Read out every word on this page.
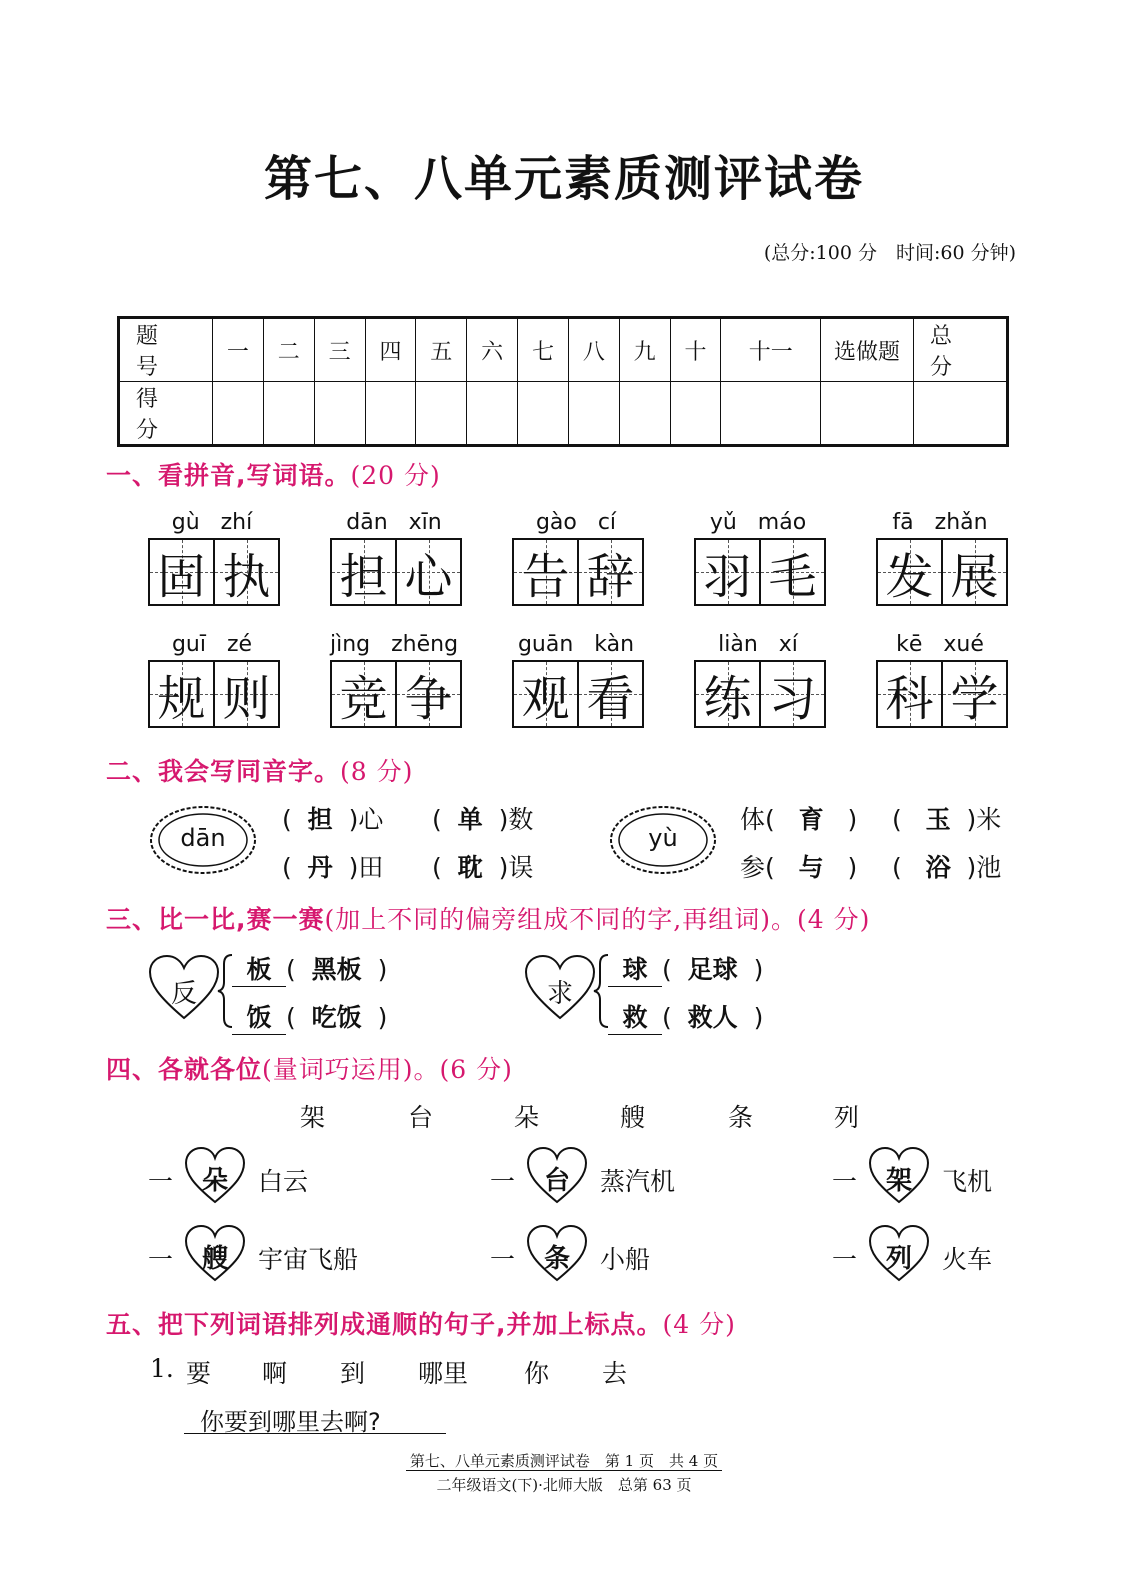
第七、八单元素质测评试卷
(总分:100 分　时间:60 分钟)
题　号	一	二	三	四	五	六	七	八	九	十	十一	选做题	总　分
得　分													
一、看拼音,写词语。(20 分)
gù zhí
固 执
dān xīn
担 心
gào cí
告 辞
yǔ máo
羽 毛
fā zhǎn
发 展
guī zé
规 则
jìng zhēng
竞 争
guān kàn
观 看
liàn xí
练 习
kē xué
科 学
二、我会写同音字。(8 分)
dān	yù
(  担  )心 (  单  )数
(  丹  )田 (  耽  )误
体(   育   ) (   玉  )米
参(   与   ) (   浴  )池
三、比一比,赛一赛(加上不同的偏旁组成不同的字,再组词)。(4 分)
反
板 (  黑板  )
饭 (  吃饭  )
求
球 (  足球  )
救 (  救人  )
四、各就各位(量词巧运用)。(6 分)
架	台	朵	艘	条	列
一	朵	白云	一	台	蒸汽机	一	架	飞机
一	艘	宇宙飞船	一	条	小船	一	列	火车
五、把下列词语排列成通顺的句子,并加上标点。(4 分)
1. 要 啊 到 哪里 你 去
你要到哪里去啊?
第七、八单元素质测评试卷　第 1 页　共 4 页
二年级语文(下)·北师大版　总第 63 页
